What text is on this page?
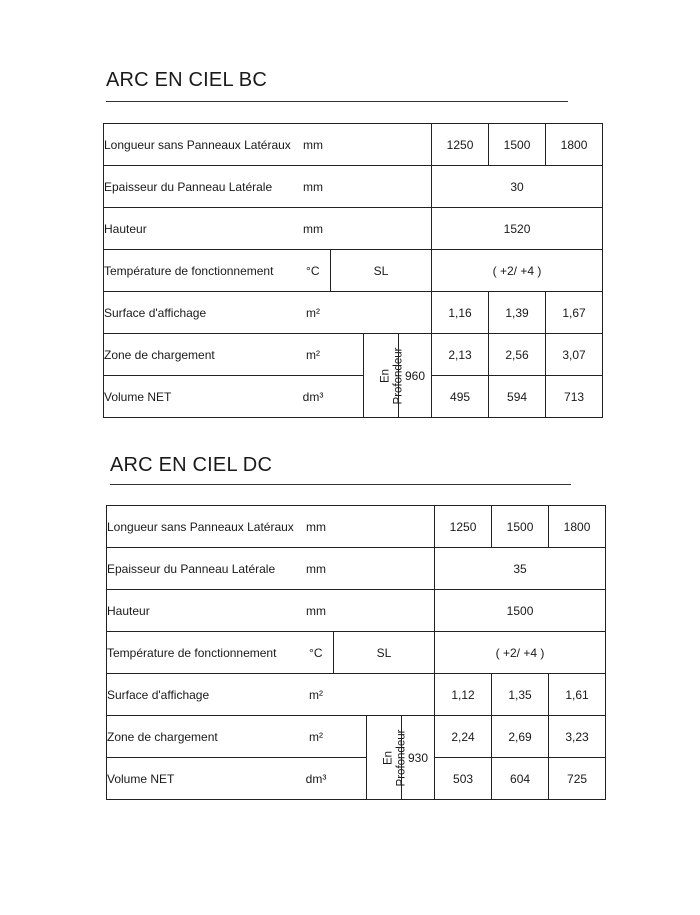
ARC EN CIEL BC
Longueur sans Panneaux Latéraux	mm				1250	1500	1800
Epaisseur du Panneau Latérale	mm				30		
Hauteur	mm				1520		
Température de fonctionnement	°C	SL			( +2/ +4 )		
Surface d'affichage	m²				1,16	1,39	1,67
Zone de chargement	m²		En Profondeur	960	2,13	2,56	3,07
Volume NET	dm³				495	594	713
ARC EN CIEL DC
Longueur sans Panneaux Latéraux	mm				1250	1500	1800
Epaisseur du Panneau Latérale	mm				35		
Hauteur	mm				1500		
Température de fonctionnement	°C	SL			( +2/ +4 )		
Surface d'affichage	m²				1,12	1,35	1,61
Zone de chargement	m²		En Profondeur	930	2,24	2,69	3,23
Volume NET	dm³				503	604	725
